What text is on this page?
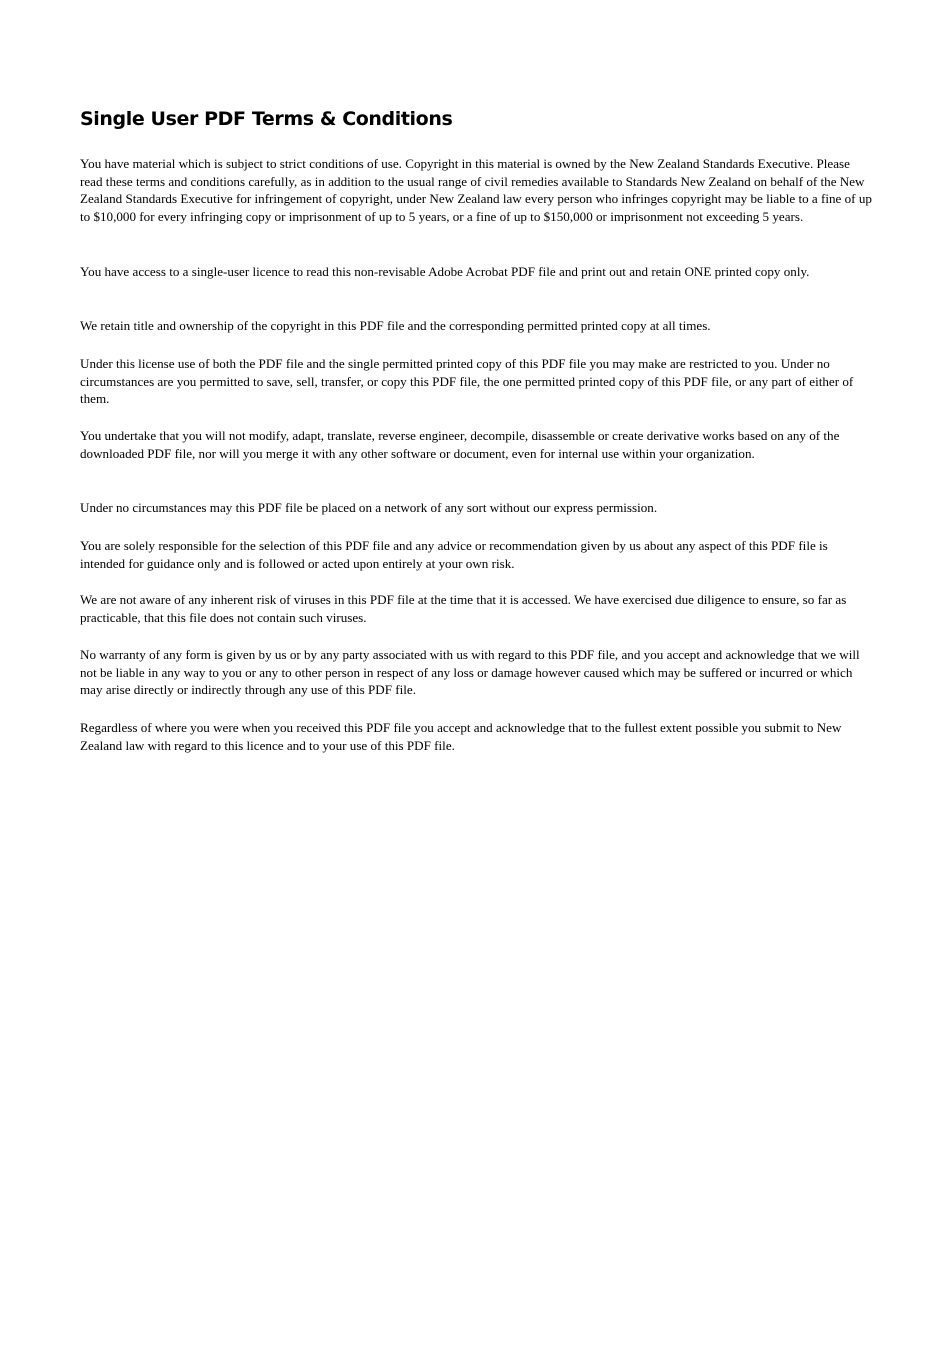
Single User PDF Terms & Conditions

You have material which is subject to strict conditions of use. Copyright in this material is owned by the New Zealand Standards Executive. Please read these terms and conditions carefully, as in addition to the usual range of civil remedies available to Standards New Zealand on behalf of the New Zealand Standards Executive for infringement of copyright, under New Zealand law every person who infringes copyright may be liable to a fine of up to $10,000 for every infringing copy or imprisonment of up to 5 years, or a fine of up to $150,000 or imprisonment not exceeding 5 years.

You have access to a single-user licence to read this non-revisable Adobe Acrobat PDF file and print out and retain ONE printed copy only.

We retain title and ownership of the copyright in this PDF file and the corresponding permitted printed copy at all times.

Under this license use of both the PDF file and the single permitted printed copy of this PDF file you may make are restricted to you. Under no circumstances are you permitted to save, sell, transfer, or copy this PDF file, the one permitted printed copy of this PDF file, or any part of either of them.

You undertake that you will not modify, adapt, translate, reverse engineer, decompile, disassemble or create derivative works based on any of the downloaded PDF file, nor will you merge it with any other software or document, even for internal use within your organization.

Under no circumstances may this PDF file be placed on a network of any sort without our express permission.

You are solely responsible for the selection of this PDF file and any advice or recommendation given by us about any aspect of this PDF file is intended for guidance only and is followed or acted upon entirely at your own risk.

We are not aware of any inherent risk of viruses in this PDF file at the time that it is accessed. We have exercised due diligence to ensure, so far as practicable, that this file does not contain such viruses.

No warranty of any form is given by us or by any party associated with us with regard to this PDF file, and you accept and acknowledge that we will not be liable in any way to you or any to other person in respect of any loss or damage however caused which may be suffered or incurred or which may arise directly or indirectly through any use of this PDF file.

Regardless of where you were when you received this PDF file you accept and acknowledge that to the fullest extent possible you submit to New Zealand law with regard to this licence and to your use of this PDF file.
